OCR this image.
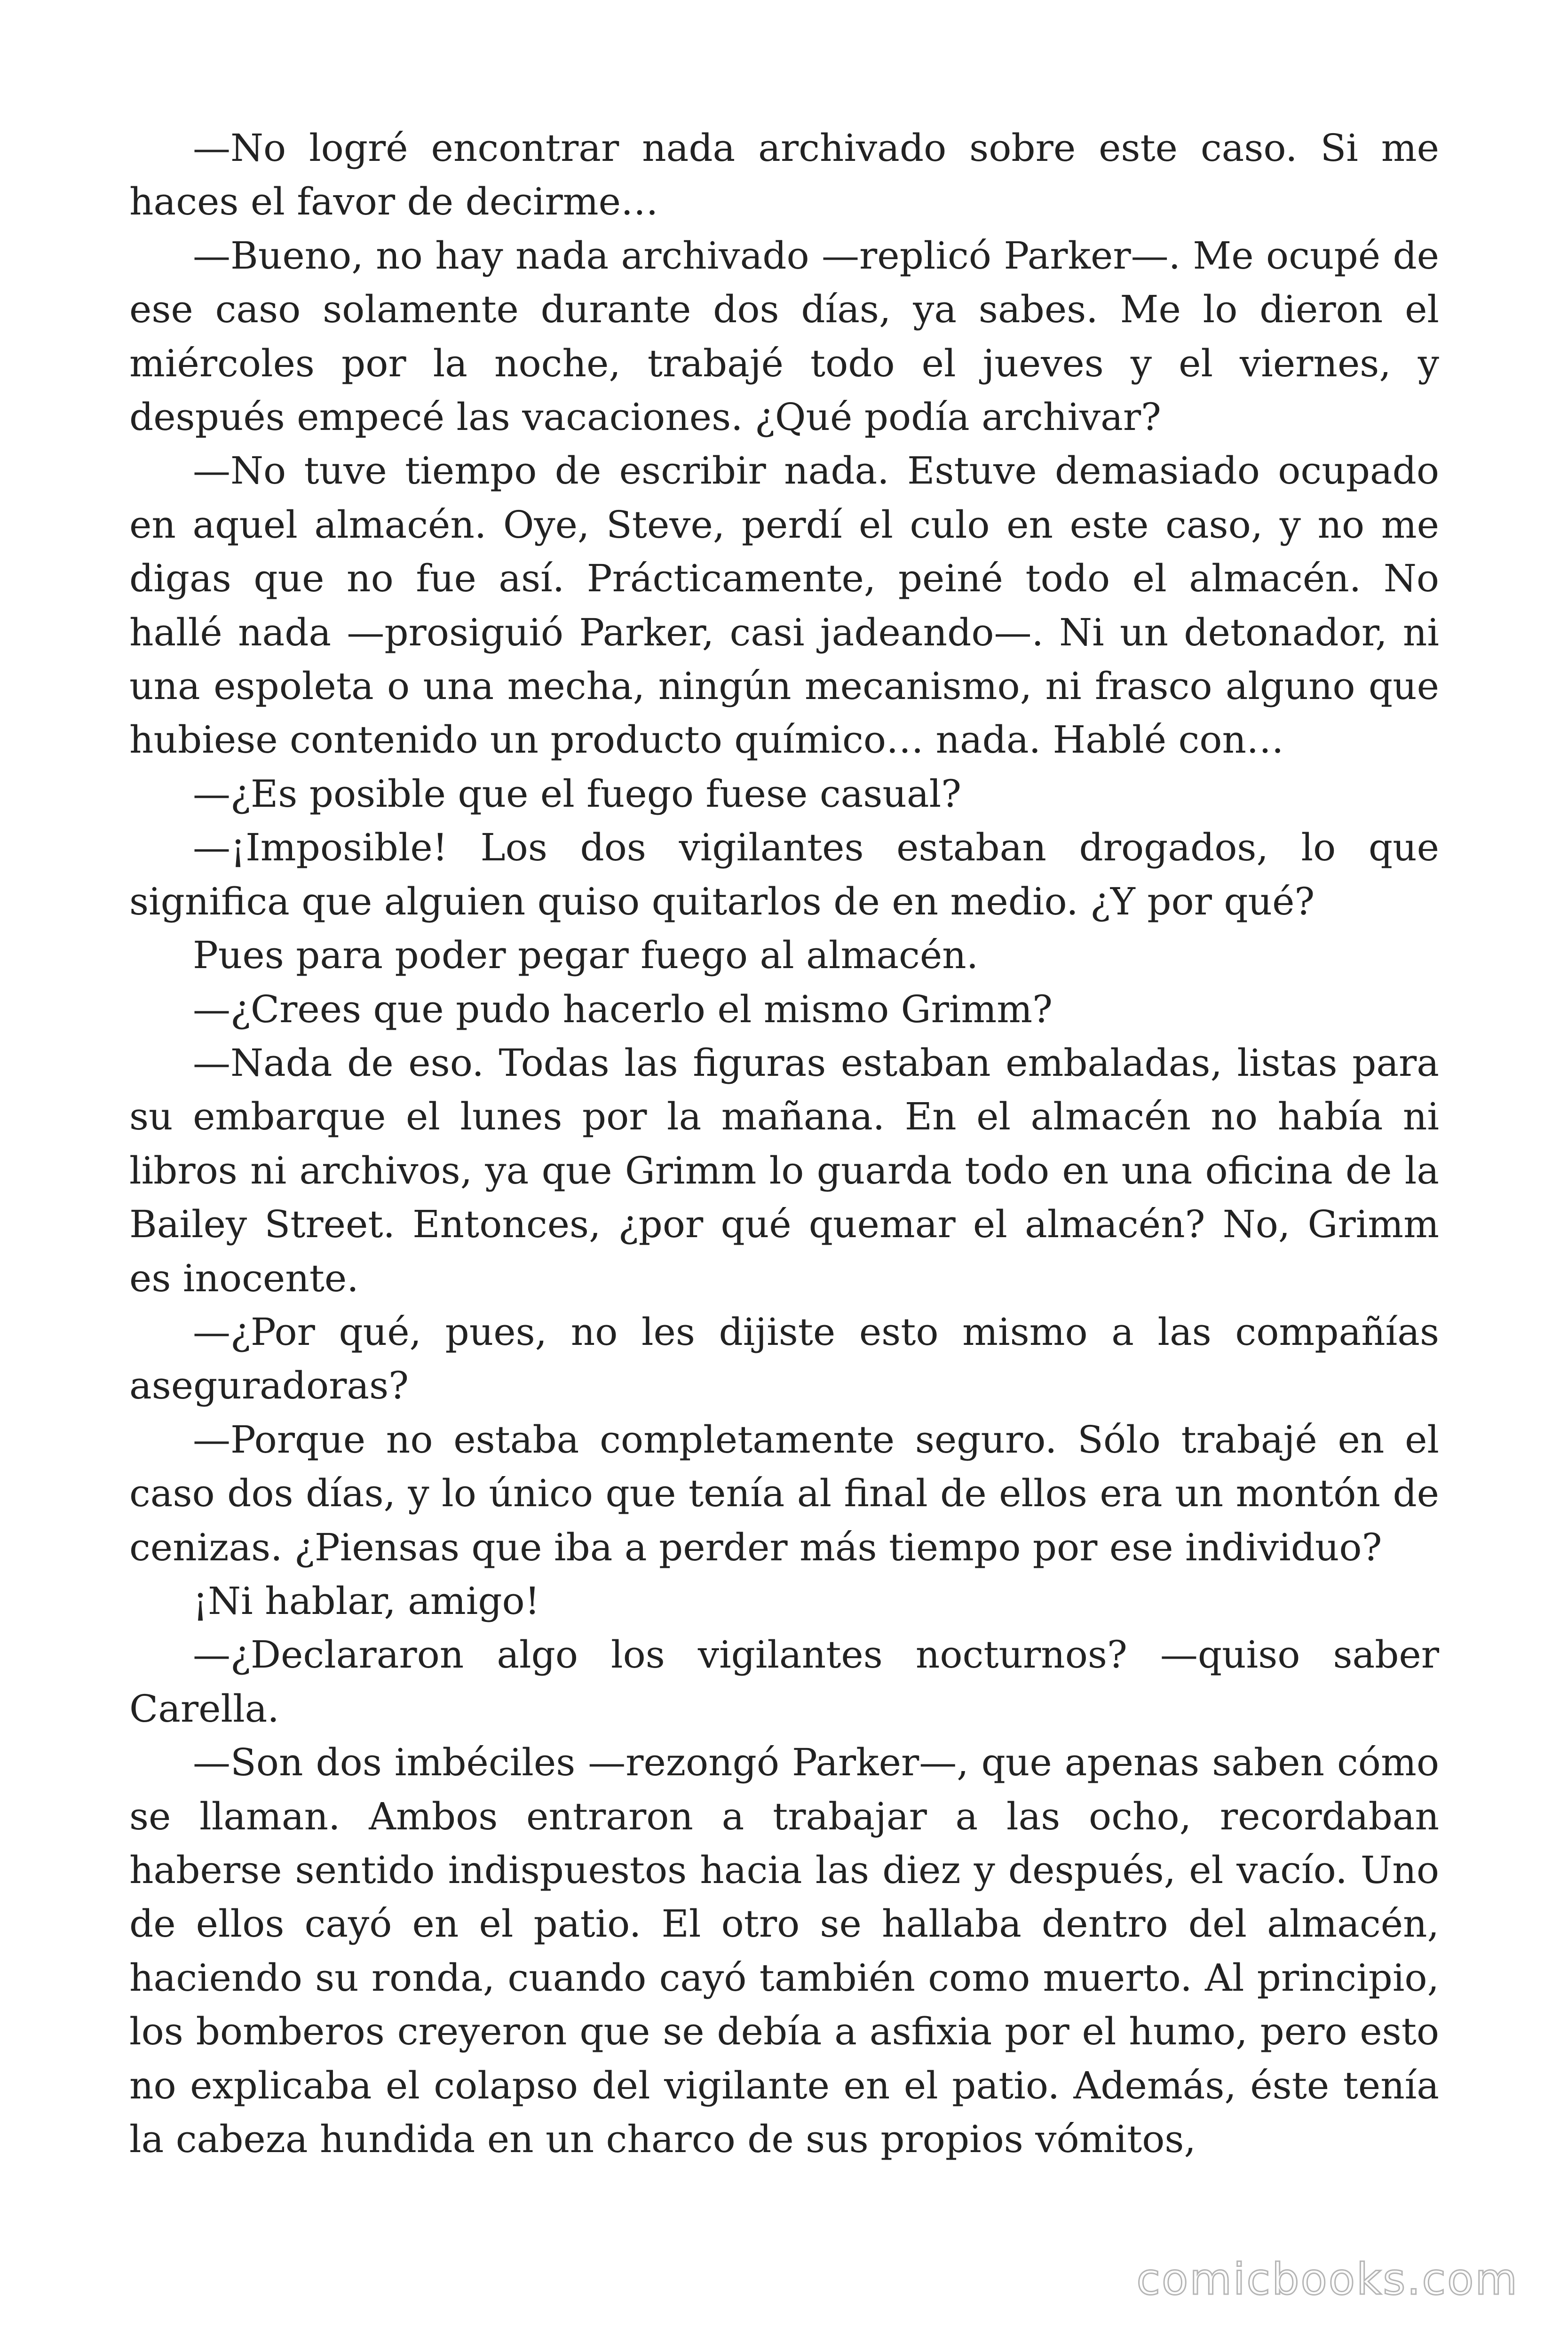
—No logré encontrar nada archivado sobre este caso. Si me haces el favor de decirme…

—Bueno, no hay nada archivado —replicó Parker—. Me ocupé de ese caso solamente durante dos días, ya sabes. Me lo dieron el miércoles por la noche, trabajé todo el jueves y el viernes, y después empecé las vacaciones. ¿Qué podía archivar?

—No tuve tiempo de escribir nada. Estuve demasiado ocupado en aquel almacén. Oye, Steve, perdí el culo en este caso, y no me digas que no fue así. Prácticamente, peiné todo el almacén. No hallé nada —prosiguió Parker, casi jadeando—. Ni un detonador, ni una espoleta o una mecha, ningún mecanismo, ni frasco alguno que hubiese contenido un producto químico… nada. Hablé con…

—¿Es posible que el fuego fuese casual?

—¡Imposible! Los dos vigilantes estaban drogados, lo que significa que alguien quiso quitarlos de en medio. ¿Y por qué?

Pues para poder pegar fuego al almacén.

—¿Crees que pudo hacerlo el mismo Grimm?

—Nada de eso. Todas las figuras estaban embaladas, listas para su embarque el lunes por la mañana. En el almacén no había ni libros ni archivos, ya que Grimm lo guarda todo en una oficina de la Bailey Street. Entonces, ¿por qué quemar el almacén? No, Grimm es inocente.

—¿Por qué, pues, no les dijiste esto mismo a las compañías aseguradoras?

—Porque no estaba completamente seguro. Sólo trabajé en el caso dos días, y lo único que tenía al final de ellos era un montón de cenizas. ¿Piensas que iba a perder más tiempo por ese individuo?

¡Ni hablar, amigo!

—¿Declararon algo los vigilantes nocturnos? —quiso saber Carella.

—Son dos imbéciles —rezongó Parker—, que apenas saben cómo se llaman. Ambos entraron a trabajar a las ocho, recordaban haberse sentido indispuestos hacia las diez y después, el vacío. Uno de ellos cayó en el patio. El otro se hallaba dentro del almacén, haciendo su ronda, cuando cayó también como muerto. Al principio, los bomberos creyeron que se debía a asfixia por el humo, pero esto no explicaba el colapso del vigilante en el patio. Además, éste tenía la cabeza hundida en un charco de sus propios vómitos,

comicbooks.com
